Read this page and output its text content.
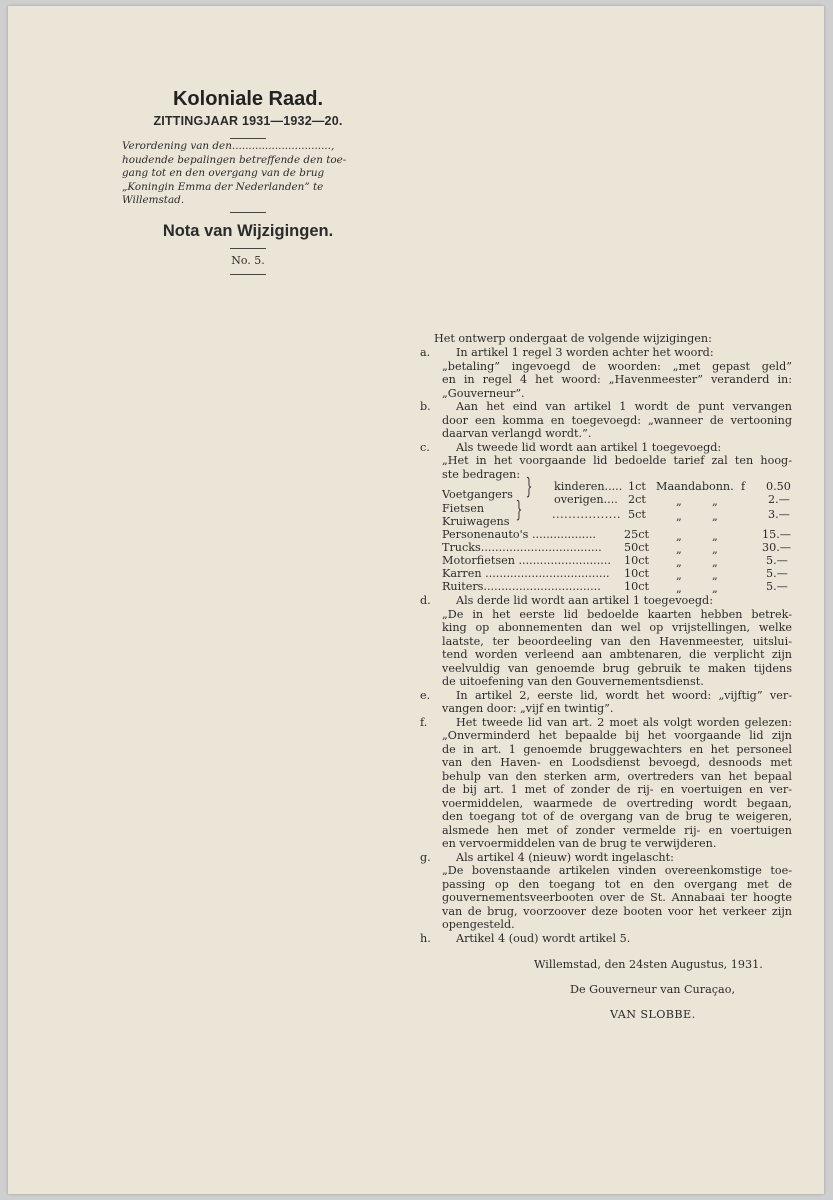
Koloniale Raad.
ZITTINGJAAR 1931—1932—20.
Verordening van den..............................,
houdende bepalingen betreffende den toe-
gang tot en den overgang van de brug
„Koningin Emma der Nederlanden” te
Willemstad.
Nota van Wijzigingen.
No. 5.
Het ontwerp ondergaat de volgende wijzigingen:
a. In artikel 1 regel 3 worden achter het woord:
„betaling” ingevoegd de woorden: „met gepast geld”
en in regel 4 het woord: „Havenmeester” veranderd in:
„Gouverneur”.
b. Aan het eind van artikel 1 wordt de punt vervangen
door een komma en toegevoegd: „wanneer de vertooning
daarvan verlangd wordt.”.
c. Als tweede lid wordt aan artikel 1 toegevoegd:
„Het in het voorgaande lid bedoelde tarief zal ten hoog-
ste bedragen:
Voetgangers } kinderen..... 1ct Maandabonn. f 0.50
overigen.... 2ct	„	„	2.—
Fietsen
Kruiwagens }	................. 5ct	„	„	3.—
Personenauto's ..................	25ct „	„	15.—
Trucks.................................. 50ct „	„	30.—
Motorfietsen .......................... 10ct „	„	5.—
Karren ................................... 10ct „	„	5.—
Ruiters................................. 10ct „	„	5.—
d. Als derde lid wordt aan artikel 1 toegevoegd:
„De in het eerste lid bedoelde kaarten hebben betrek-
king op abonnementen dan wel op vrijstellingen, welke
laatste, ter beoordeeling van den Havenmeester, uitslui-
tend worden verleend aan ambtenaren, die verplicht zijn
veelvuldig van genoemde brug gebruik te maken tijdens
de uitoefening van den Gouvernementsdienst.
e. In artikel 2, eerste lid, wordt het woord: „vijftig” ver-
vangen door: „vijf en twintig”.
f.	Het tweede lid van art. 2 moet als volgt worden gelezen:
„Onverminderd het bepaalde bij het voorgaande lid zijn
de in art. 1 genoemde bruggewachters en het personeel
van den Haven- en Loodsdienst bevoegd, desnoods met
behulp van den sterken arm, overtreders van het bepaal
de bij art. 1 met of zonder de rij- en voertuigen en ver-
voermiddelen, waarmede de overtreding wordt begaan,
den toegang tot of de overgang van de brug te weigeren,
alsmede hen met of zonder vermelde rij- en voertuigen
en vervoermiddelen van de brug te verwijderen.
g. Als artikel 4 (nieuw) wordt ingelascht:
„De bovenstaande artikelen vinden overeenkomstige toe-
passing op den toegang tot en den overgang met de
gouvernementsveerbooten over de St. Annabaai ter hoogte
van de brug, voorzoover deze booten voor het verkeer zijn
opengesteld.
h. Artikel 4 (oud) wordt artikel 5.
Willemstad, den 24sten Augustus, 1931.
De Gouverneur van Curaçao,
VAN SLOBBE.
